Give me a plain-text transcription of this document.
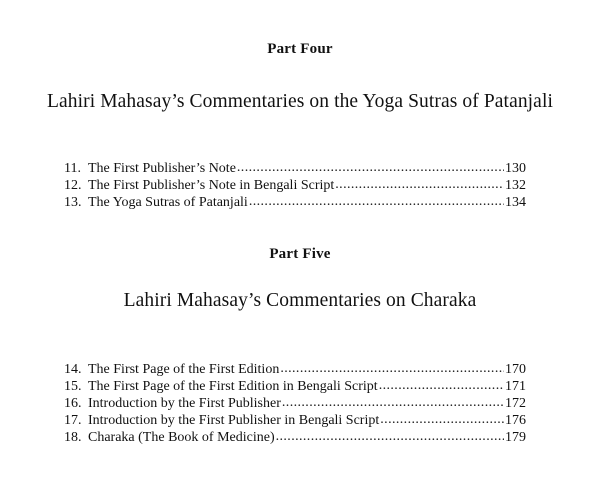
Part Four
Lahiri Mahasay’s Commentaries on the Yoga Sutras of Patanjali
11. The First Publisher’s Note .....	130
12. The First Publisher’s Note in Bengali Script .....	132
13. The Yoga Sutras of Patanjali .....	134
Part Five
Lahiri Mahasay’s Commentaries on Charaka
14. The First Page of the First Edition .....	170
15. The First Page of the First Edition in Bengali Script .....	171
16. Introduction by the First Publisher .....	172
17. Introduction by the First Publisher in Bengali Script .....	176
18. Charaka (The Book of Medicine) .....	179
